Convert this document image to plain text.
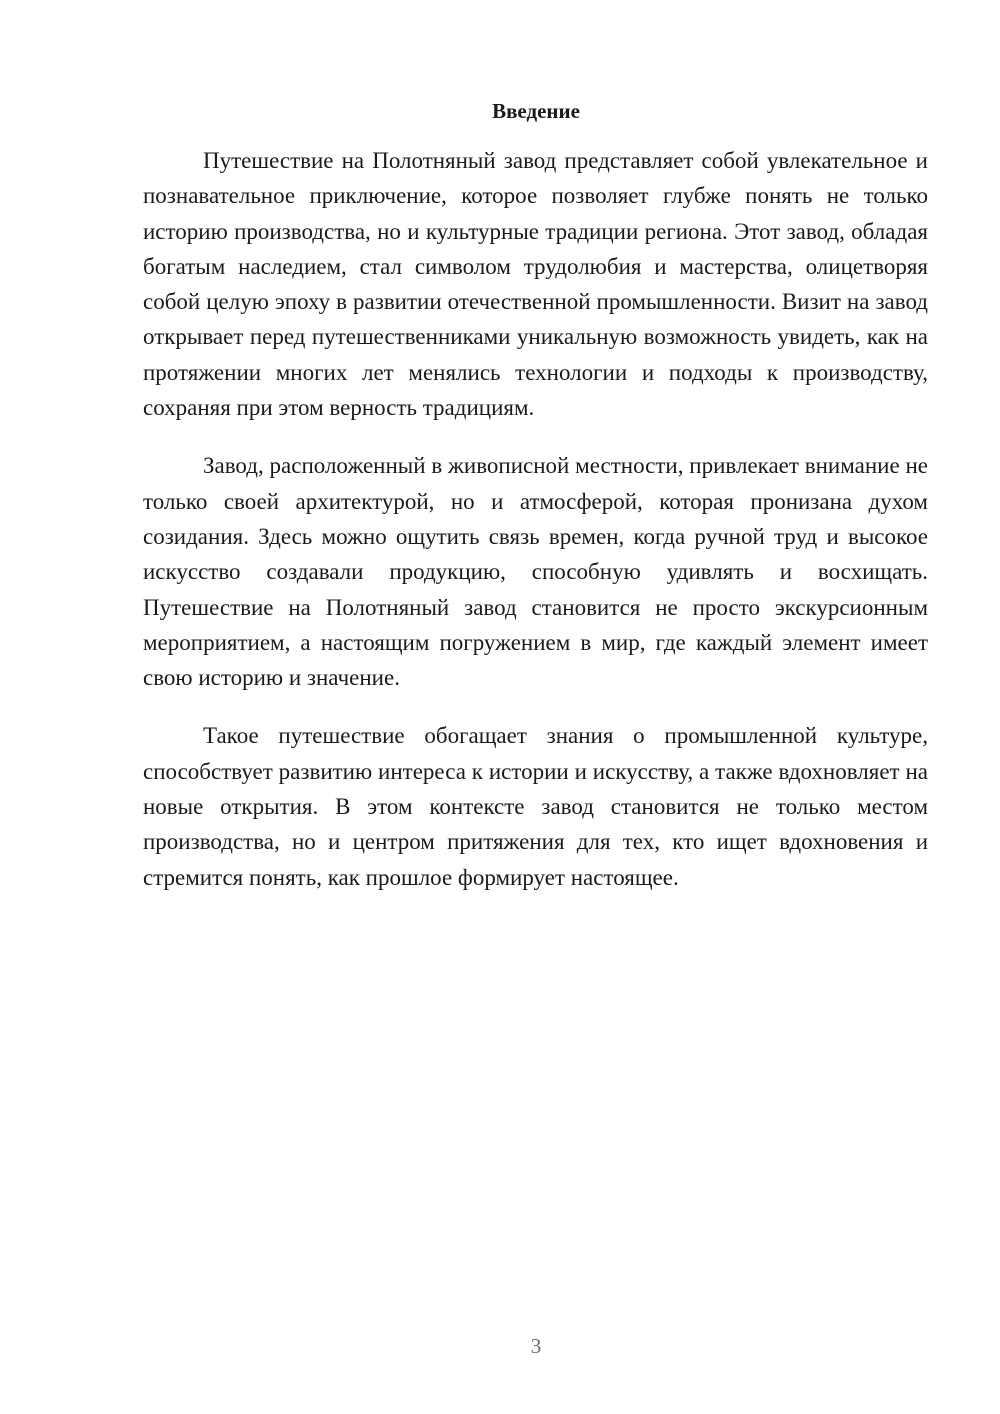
Введение

Путешествие на Полотняный завод представляет собой увлекательное и познавательное приключение, которое позволяет глубже понять не только историю производства, но и культурные традиции региона. Этот завод, обладая богатым наследием, стал символом трудолюбия и мастерства, олицетворяя собой целую эпоху в развитии отечественной промышленности. Визит на завод открывает перед путешественниками уникальную возможность увидеть, как на протяжении многих лет менялись технологии и подходы к производству, сохраняя при этом верность традициям.

Завод, расположенный в живописной местности, привлекает внимание не только своей архитектурой, но и атмосферой, которая пронизана духом созидания. Здесь можно ощутить связь времен, когда ручной труд и высокое искусство создавали продукцию, способную удивлять и восхищать. Путешествие на Полотняный завод становится не просто экскурсионным мероприятием, а настоящим погружением в мир, где каждый элемент имеет свою историю и значение.

Такое путешествие обогащает знания о промышленной культуре, способствует развитию интереса к истории и искусству, а также вдохновляет на новые открытия. В этом контексте завод становится не только местом производства, но и центром притяжения для тех, кто ищет вдохновения и стремится понять, как прошлое формирует настоящее.

3
